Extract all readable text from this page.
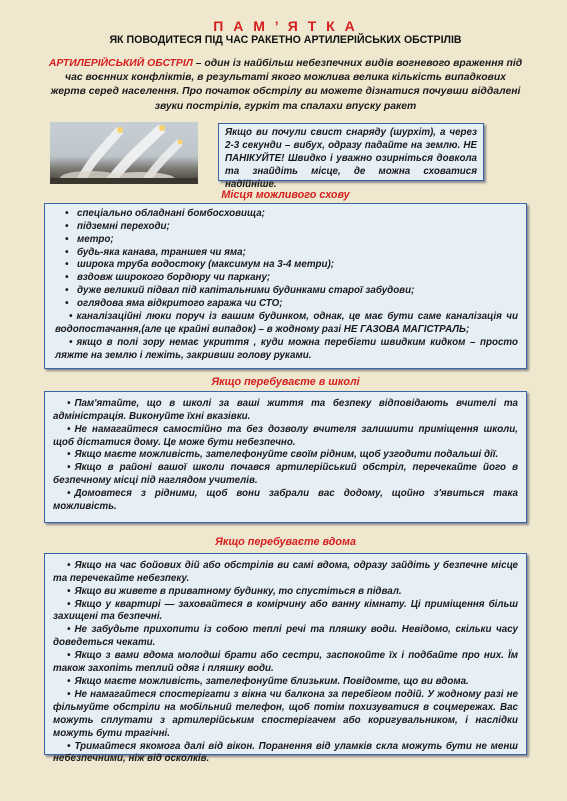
П А М ’ Я Т К А
ЯК ПОВОДИТЕСЯ ПІД ЧАС РАКЕТНО АРТИЛЕРІЙСЬКИХ ОБСТРІЛІВ
АРТИЛЕРІЙСЬКИЙ ОБСТРІЛ – один із найбільш небезпечних видів вогневого враження під час воєнних конфліктів, в результаті якого можлива велика кількість випадкових жертв серед населення. Про початок обстрілу ви можете дізнатися почувши віддалені звуки пострілів, гуркіт та спалахи впуску ракет
Якщо ви почули свист снаряду (шурхіт), а через 2-3 секунди – вибух, одразу падайте на землю. НЕ ПАНІКУЙТЕ! Швидко і уважно озирніться довкола та знайдіть місце, де можна сховатися надійніше.
Місця можливого схову
• спеціально обладнані бомбосховища;
• підземні переходи;
• метро;
• будь-яка канава, траншея чи яма;
• широка труба водостоку (максимум на 3-4 метри);
• вздовж широкого бордюру чи паркану;
• дуже великий підвал під капітальними будинками старої забудови;
• оглядова яма відкритого гаража чи СТО;
• каналізаційні люки поруч із вашим будинком, однак, це має бути саме каналізація чи водопостачання,(але це крайні випадок) – в жодному разі НЕ ГАЗОВА МАГІСТРАЛЬ;
• якщо в полі зору немає укриття , куди можна перебігти швидким кидком – просто ляжте на землю і лежіть, закривши голову руками.
Якщо перебуваєте в школі
• Пам'ятайте, що в школі за ваші життя та безпеку відповідають вчителі та адміністрація. Виконуйте їхні вказівки.
• Не намагайтеся самостійно та без дозволу вчителя залишити приміщення школи, щоб дістатися дому. Це може бути небезпечно.
• Якщо маєте можливість, зателефонуйте своїм рідним, щоб узгодити подальші дії.
• Якщо в районі вашої школи почався артилерійський обстріл, перечекайте його в безпечному місці під наглядом учителів.
• Домовтеся з рідними, щоб вони забрали вас додому, щойно з'явиться така можливість.
Якщо перебуваєте вдома
• Якщо на час бойових дій або обстрілів ви самі вдома, одразу зайдіть у безпечне місце та перечекайте небезпеку.
• Якщо ви живете в приватному будинку, то спустіться в підвал.
• Якщо у квартирі — заховайтеся в комірчину або ванну кімнату. Ці приміщення більш захищені та безпечні.
• Не забудьте прихопити із собою теплі речі та пляшку води. Невідомо, скільки часу доведеться чекати.
• Якщо з вами вдома молодші брати або сестри, заспокойте їх і подбайте про них. Їм також захопіть теплий одяг і пляшку води.
• Якщо маєте можливість, зателефонуйте близьким. Повідомте, що ви вдома.
• Не намагайтеся спостерігати з вікна чи балкона за перебігом подій. У жодному разі не фільмуйте обстріли на мобільний телефон, щоб потім похизуватися в соцмережах. Вас можуть сплутати з артилерійським спостерігачем або коригувальником, і наслідки можуть бути трагічні.
• Тримайтеся якомога далі від вікон. Поранення від уламків скла можуть бути не менш небезпечними, ніж від осколків.
